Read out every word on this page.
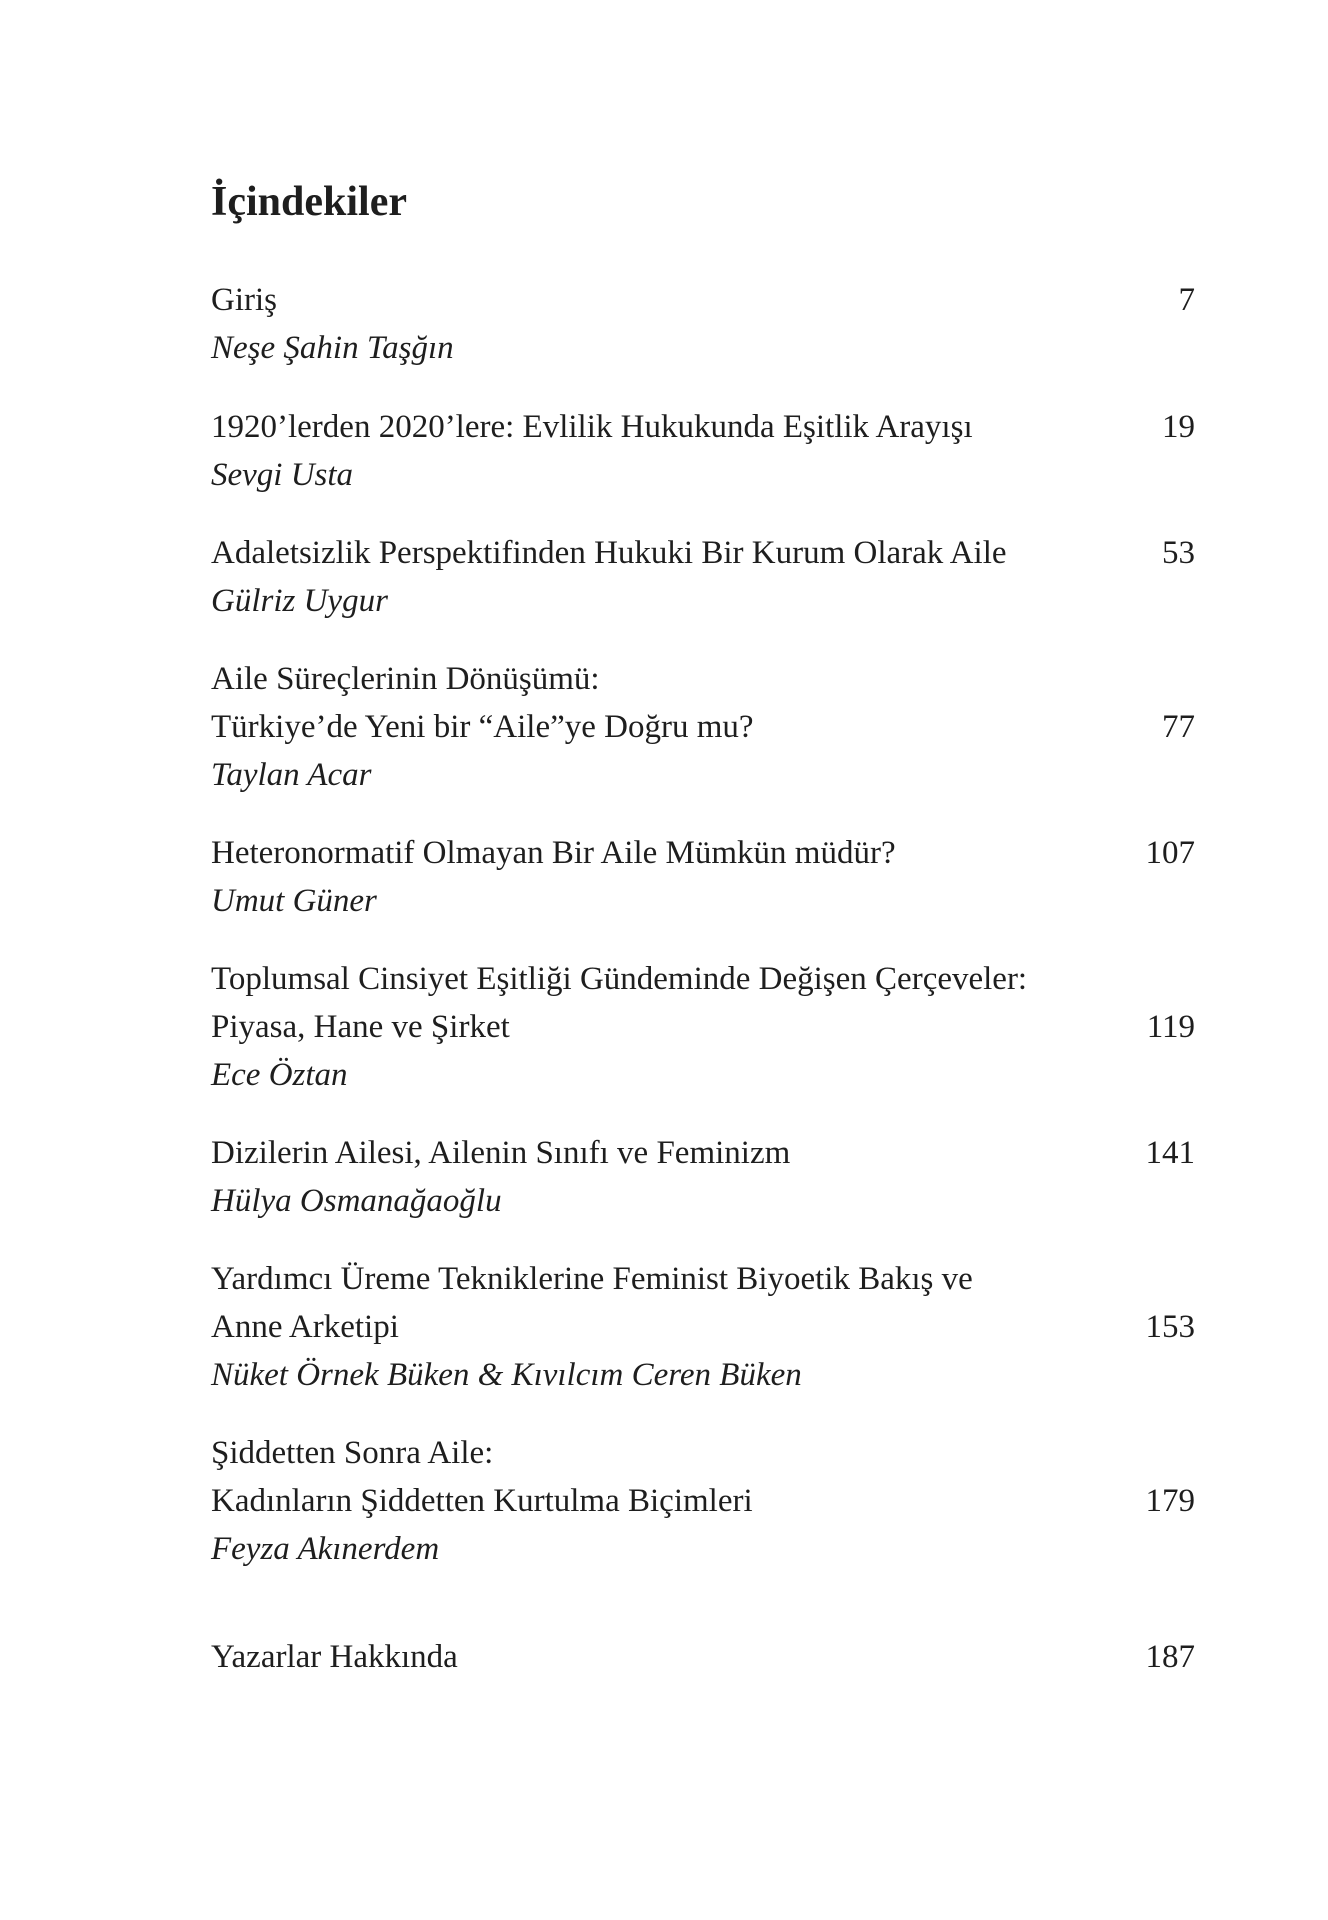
İçindekiler
Giriş
Neşe Şahin Taşğın
7
1920’lerden 2020’lere: Evlilik Hukukunda Eşitlik Arayışı
Sevgi Usta
19
Adaletsizlik Perspektifinden Hukuki Bir Kurum Olarak Aile
Gülriz Uygur
53
Aile Süreçlerinin Dönüşümü:
Türkiye’de Yeni bir “Aile”ye Doğru mu?
Taylan Acar
77
Heteronormatif Olmayan Bir Aile Mümkün müdür?
Umut Güner
107
Toplumsal Cinsiyet Eşitliği Gündeminde Değişen Çerçeveler:
Piyasa, Hane ve Şirket
Ece Öztan
119
Dizilerin Ailesi, Ailenin Sınıfı ve Feminizm
Hülya Osmanağaoğlu
141
Yardımcı Üreme Tekniklerine Feminist Biyoetik Bakış ve
Anne Arketipi
Nüket Örnek Büken & Kıvılcım Ceren Büken
153
Şiddetten Sonra Aile:
Kadınların Şiddetten Kurtulma Biçimleri
Feyza Akınerdem
179
Yazarlar Hakkında	187
